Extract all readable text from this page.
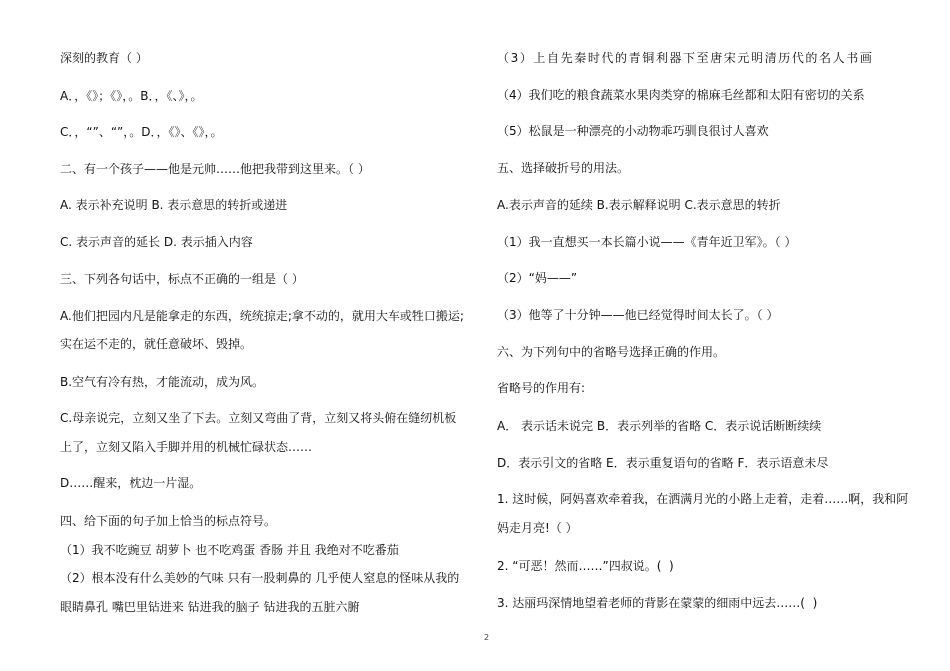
深刻的教育（ ）
A．，《》；《》，。B．，《、》，。
C．，“”、“”，。D．，《》、《》，。
二、有一个孩子——他是元帅……他把我带到这里来。（ ）
A. 表示补充说明 B. 表示意思的转折或递进
C. 表示声音的延长 D. 表示插入内容
三、下列各句话中，标点不正确的一组是（ ）
A.他们把园内凡是能拿走的东西，统统掠走;拿不动的，就用大车或牲口搬运;
实在运不走的，就任意破坏、毁掉。
B.空气有冷有热，才能流动，成为风。
C.母亲说完，立刻又坐了下去。立刻又弯曲了背，立刻又将头俯在缝纫机板
上了，立刻又陷入手脚并用的机械忙碌状态……
D……醒来，枕边一片湿。
四、给下面的句子加上恰当的标点符号。
（1）我不吃豌豆 胡萝卜 也不吃鸡蛋 香肠 并且 我绝对不吃番茄
（2）根本没有什么美妙的气味 只有一股刺鼻的 几乎使人窒息的怪味从我的
眼睛鼻孔 嘴巴里钻进来 钻进我的脑子 钻进我的五脏六腑
（3）上自先秦时代的青铜利器下至唐宋元明清历代的名人书画
（4）我们吃的粮食蔬菜水果肉类穿的棉麻毛丝都和太阳有密切的关系
（5）松鼠是一种漂亮的小动物乖巧驯良很讨人喜欢
五、选择破折号的用法。
A.表示声音的延续 B.表示解释说明 C.表示意思的转折
（1）我一直想买一本长篇小说——《青年近卫军》。（ ）
（2）“妈——”
（3）他等了十分钟——他已经觉得时间太长了。（ ）
六、为下列句中的省略号选择正确的作用。
省略号的作用有:
A． 表示话未说完 B．表示列举的省略 C．表示说话断断续续
D．表示引文的省略 E．表示重复语句的省略 F．表示语意未尽
1. 这时候，阿妈喜欢牵着我，在洒满月光的小路上走着，走着……啊，我和阿
妈走月亮!（ ）
2. “可恶！然而……”四叔说。(  )
3. 达丽玛深情地望着老师的背影在蒙蒙的细雨中远去……(  )
2
